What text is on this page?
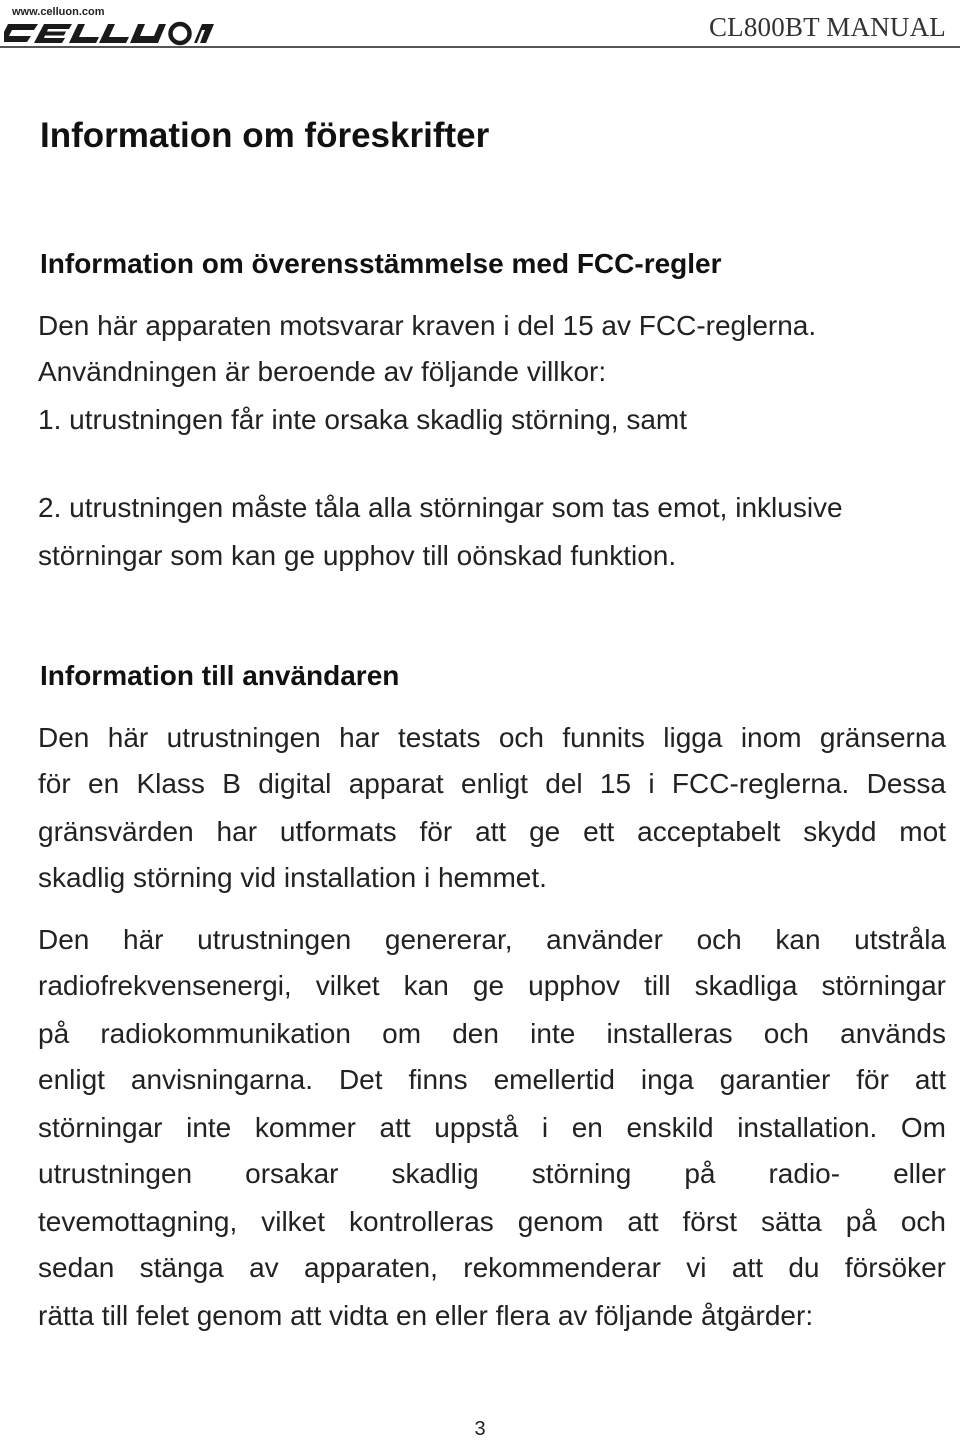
www.celluon.com	CL800BT MANUAL
Information om föreskrifter
Information om överensstämmelse med FCC-regler
Den här apparaten motsvarar kraven i del 15 av FCC-reglerna.
Användningen är beroende av följande villkor:
1. utrustningen får inte orsaka skadlig störning, samt
2. utrustningen måste tåla alla störningar som tas emot, inklusive
störningar som kan ge upphov till oönskad funktion.
Information till användaren
Den här utrustningen har testats och funnits ligga inom gränserna
för en Klass B digital apparat enligt del 15 i FCC-reglerna. Dessa
gränsvärden har utformats för att ge ett acceptabelt skydd mot
skadlig störning vid installation i hemmet.
Den här utrustningen genererar, använder och kan utstråla
radiofrekvensenergi, vilket kan ge upphov till skadliga störningar
på radiokommunikation om den inte installeras och används
enligt anvisningarna. Det finns emellertid inga garantier för att
störningar inte kommer att uppstå i en enskild installation. Om
utrustningen orsakar skadlig störning på radio- eller
tevemottagning, vilket kontrolleras genom att först sätta på och
sedan stänga av apparaten, rekommenderar vi att du försöker
rätta till felet genom att vidta en eller flera av följande åtgärder:
3
